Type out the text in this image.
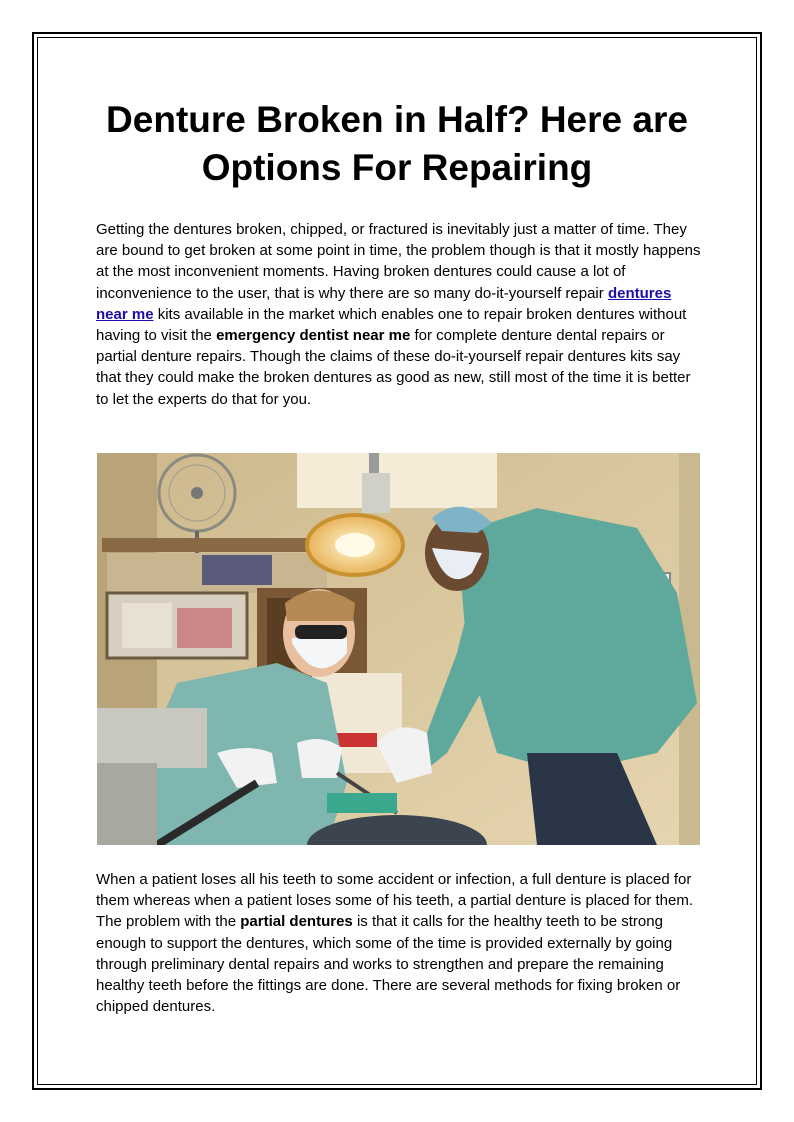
Denture Broken in Half? Here are
Options For Repairing

Getting the dentures broken, chipped, or fractured is inevitably just a matter of time. They are bound to get broken at some point in time, the problem though is that it mostly happens at the most inconvenient moments. Having broken dentures could cause a lot of inconvenience to the user, that is why there are so many do-it-yourself repair dentures near me kits available in the market which enables one to repair broken dentures without having to visit the emergency dentist near me for complete denture dental repairs or partial denture repairs. Though the claims of these do-it-yourself repair dentures kits say that they could make the broken dentures as good as new, still most of the time it is better to let the experts do that for you.

When a patient loses all his teeth to some accident or infection, a full denture is placed for them whereas when a patient loses some of his teeth, a partial denture is placed for them. The problem with the partial dentures is that it calls for the healthy teeth to be strong enough to support the dentures, which some of the time is provided externally by going through preliminary dental repairs and works to strengthen and prepare the remaining healthy teeth before the fittings are done. There are several methods for fixing broken or chipped dentures.
